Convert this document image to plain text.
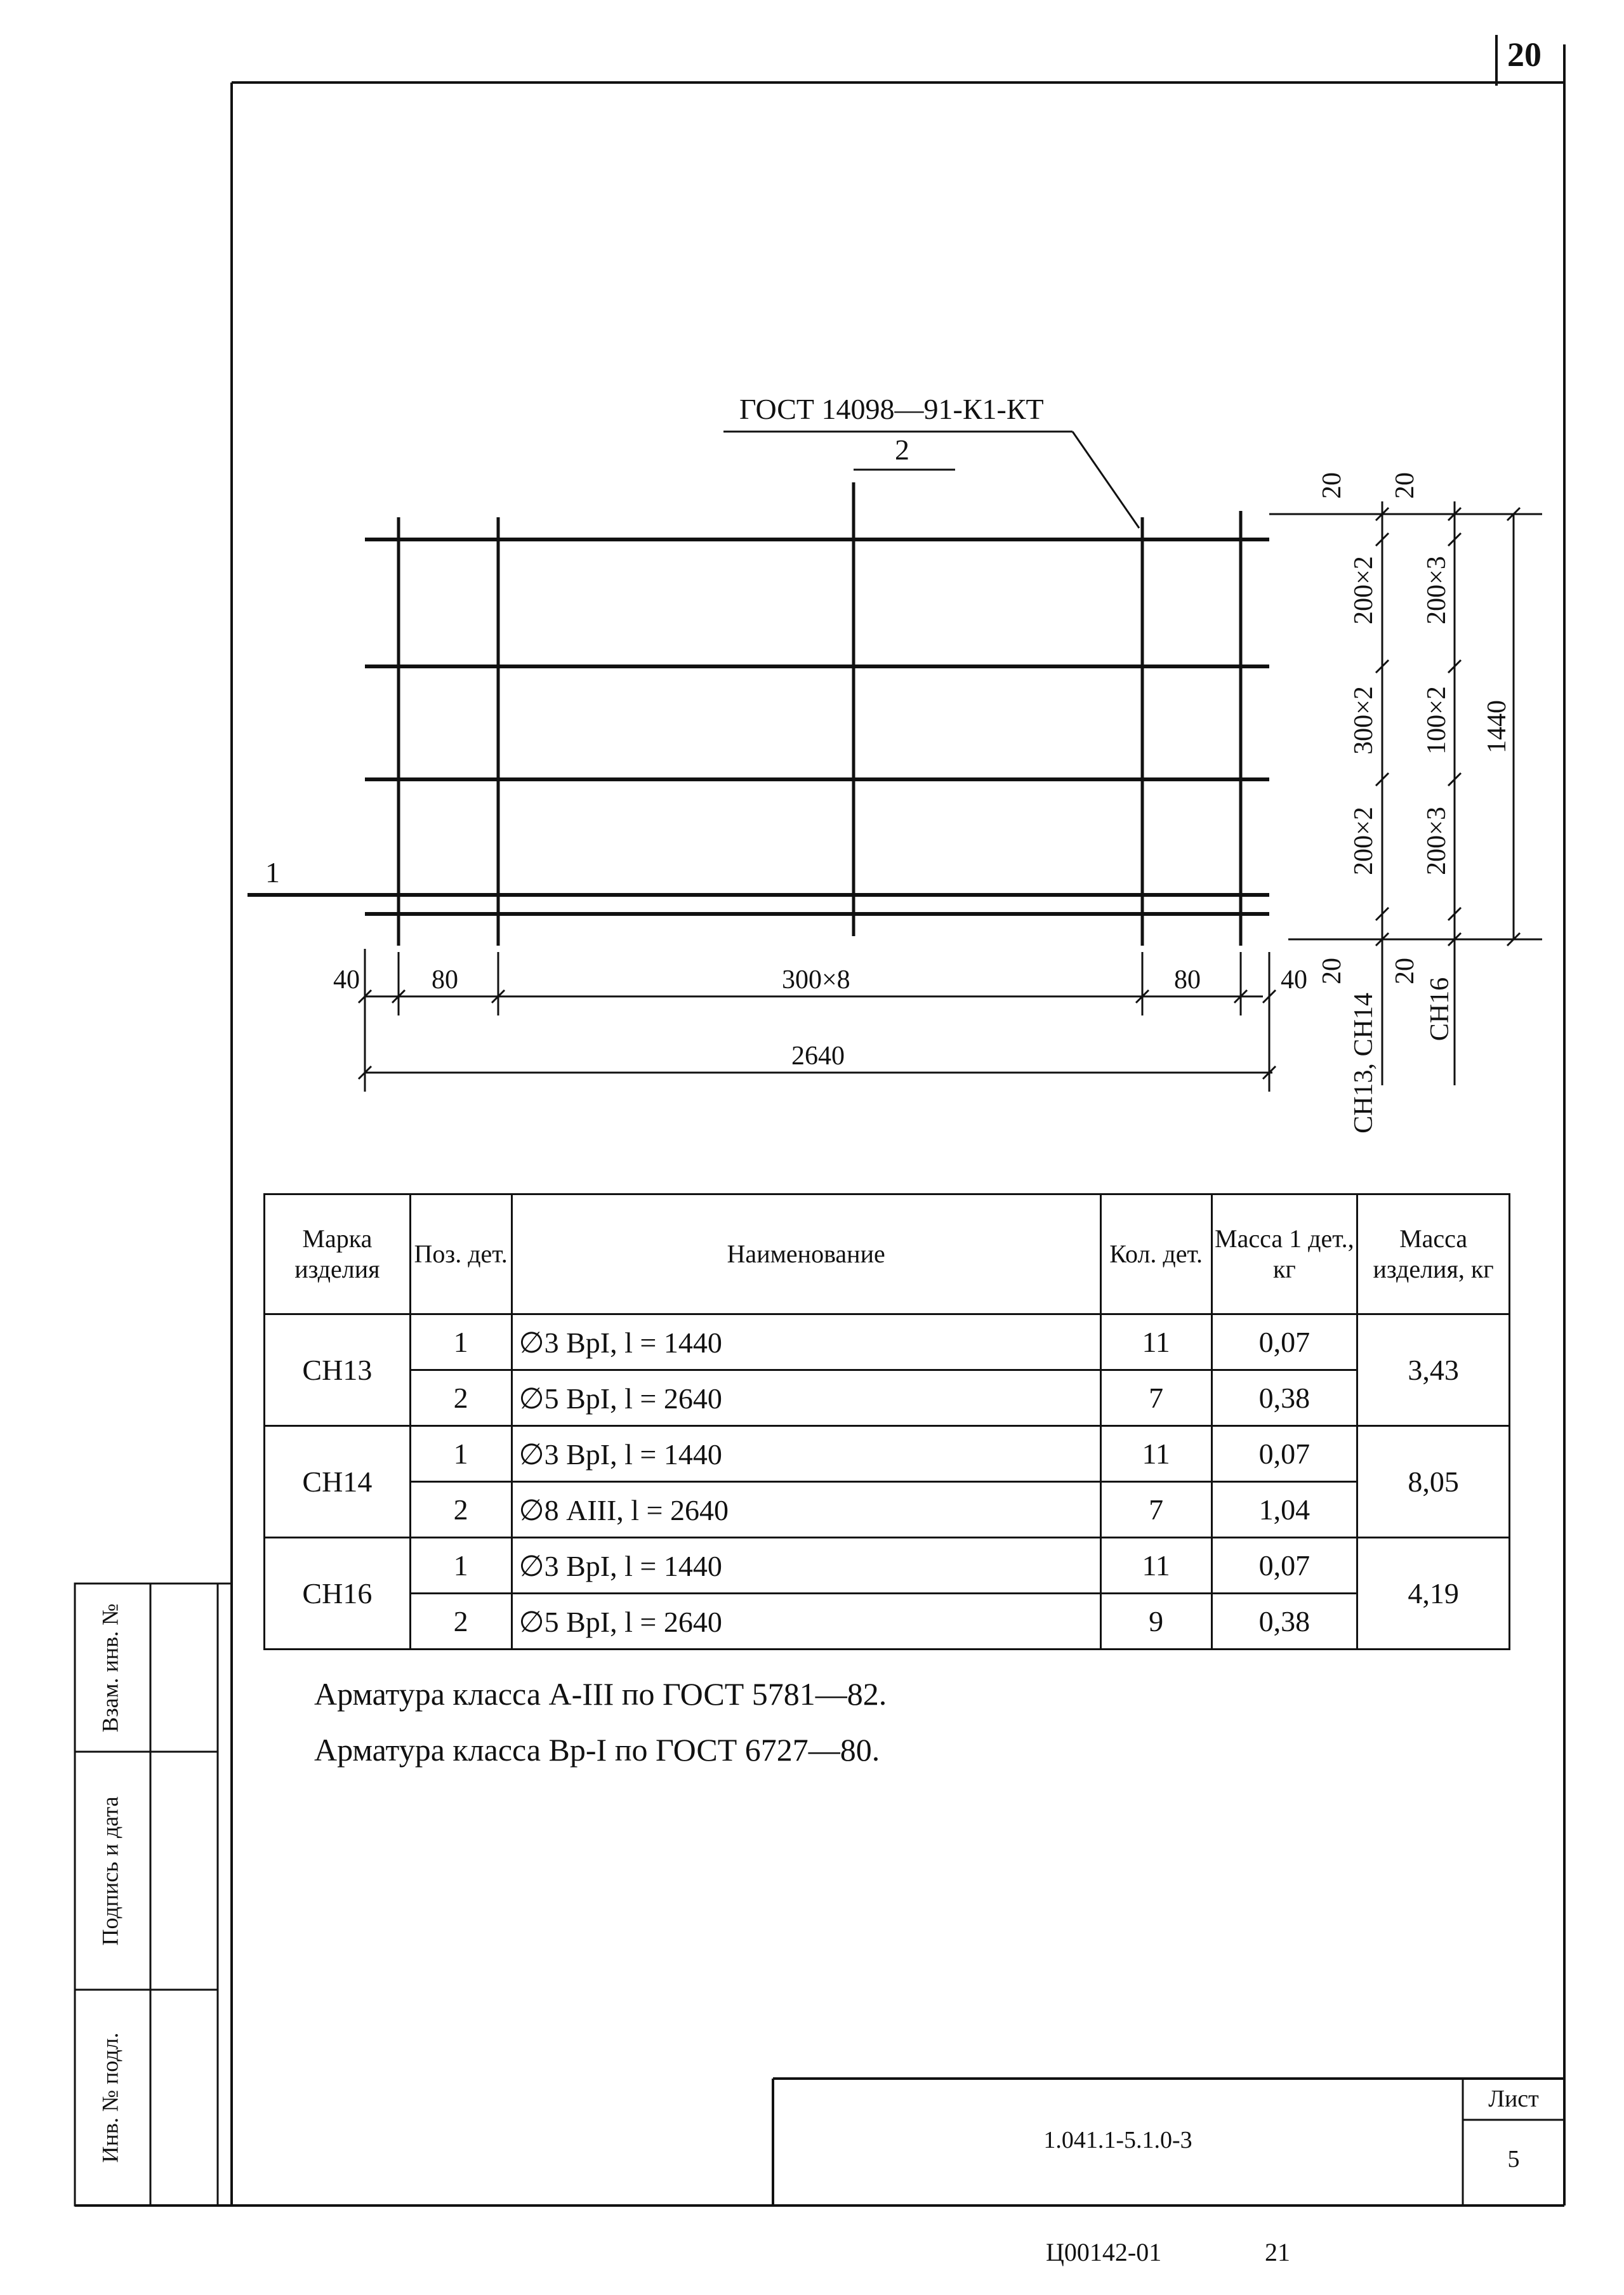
20
ГОСТ 14098—91-К1-КТ
2
1
40	80	300×8	80	40
2640
20
200×2
300×2
200×2
20
СН13, СН14
20
200×3
100×2
200×3
20
СН16
1440
Марка изделия	Поз. дет.	Наименование	Кол. дет.	Масса 1 дет., кг	Масса изделия, кг
СН13	1	∅3 ВрI, l = 1440	11	0,07	3,43
	2	∅5 ВрI, l = 2640	7	0,38	
СН14	1	∅3 ВрI, l = 1440	11	0,07	8,05
	2	∅8 АIII, l = 2640	7	1,04	
СН16	1	∅3 ВрI, l = 1440	11	0,07	4,19
	2	∅5 ВрI, l = 2640	9	0,38	
Арматура класса А-III по ГОСТ 5781—82.
Арматура класса Вр-I по ГОСТ 6727—80.
Взам. инв. №
Подпись и дата
Инв. № подл.	1.041.1-5.1.0-3
Лист
5
Ц00142-01	21
